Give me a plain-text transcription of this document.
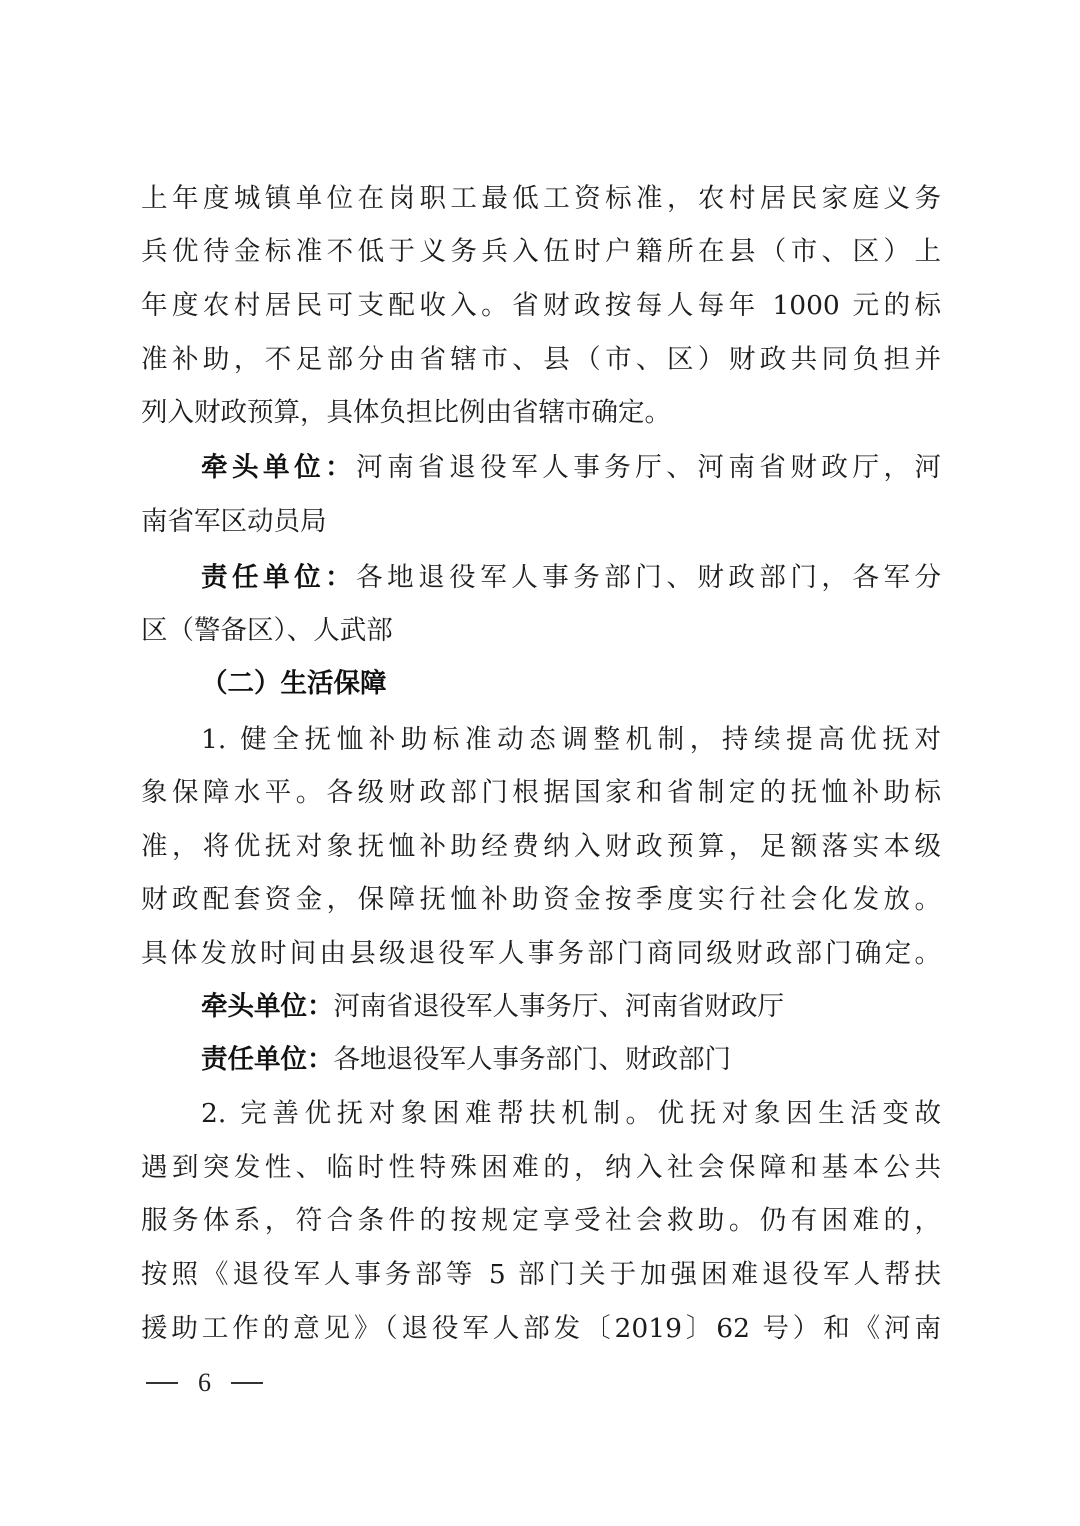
上年度城镇单位在岗职工最低工资标准，农村居民家庭义务
兵优待金标准不低于义务兵入伍时户籍所在县（市、区）上
年度农村居民可支配收入。省财政按每人每年 1000 元的标
准补助，不足部分由省辖市、县（市、区）财政共同负担并
列入财政预算，具体负担比例由省辖市确定。
牵头单位：河南省退役军人事务厅、河南省财政厅，河
南省军区动员局
责任单位：各地退役军人事务部门、财政部门，各军分
区（警备区）、人武部
（二）生活保障
1. 健全抚恤补助标准动态调整机制，持续提高优抚对
象保障水平。各级财政部门根据国家和省制定的抚恤补助标
准，将优抚对象抚恤补助经费纳入财政预算，足额落实本级
财政配套资金，保障抚恤补助资金按季度实行社会化发放。
具体发放时间由县级退役军人事务部门商同级财政部门确定。
牵头单位：河南省退役军人事务厅、河南省财政厅
责任单位：各地退役军人事务部门、财政部门
2. 完善优抚对象困难帮扶机制。优抚对象因生活变故
遇到突发性、临时性特殊困难的，纳入社会保障和基本公共
服务体系，符合条件的按规定享受社会救助。仍有困难的，
按照《退役军人事务部等 5 部门关于加强困难退役军人帮扶
援助工作的意见》（退役军人部发〔2019〕62 号）和《河南
6
